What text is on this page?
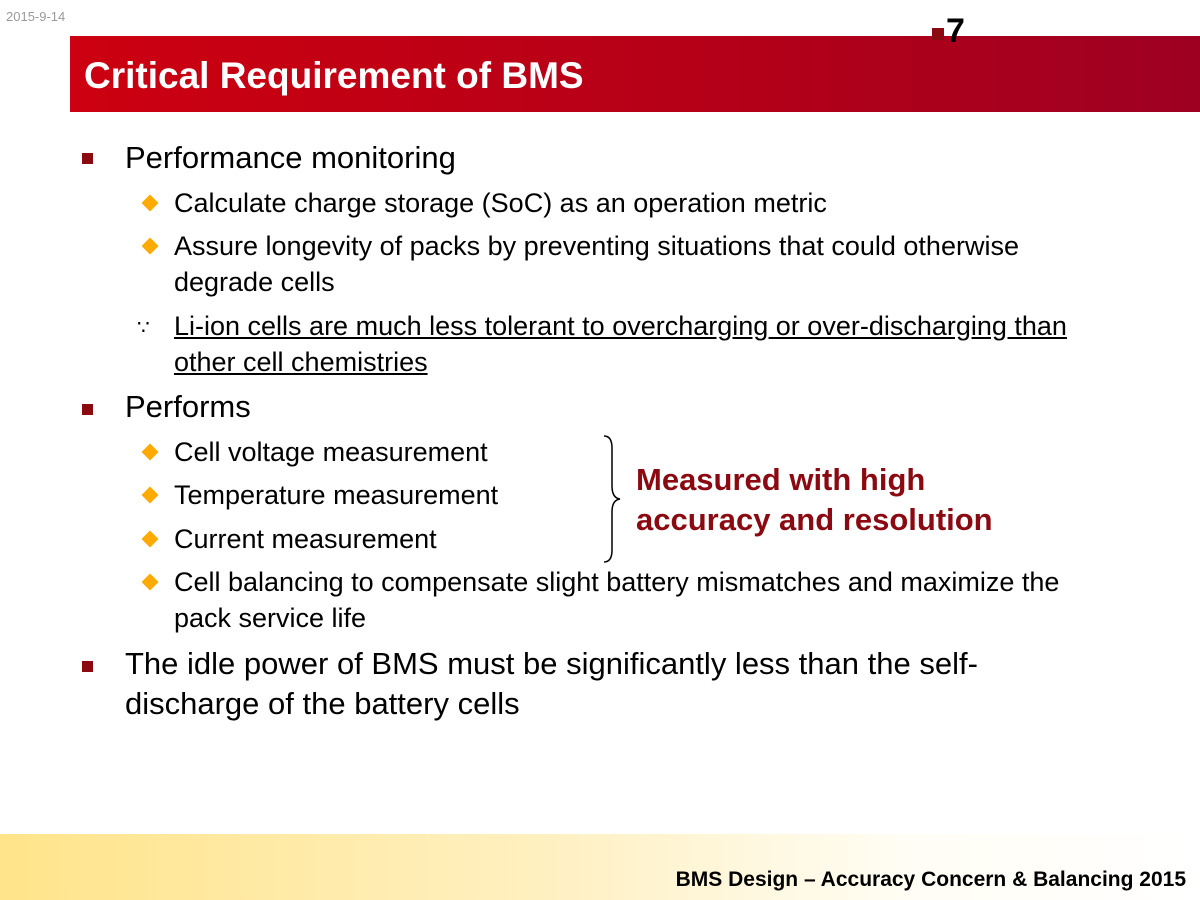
2015-9-14	7
Critical Requirement of BMS
Performance monitoring
Calculate charge storage (SoC) as an operation metric
Assure longevity of packs by preventing situations that could otherwise degrade cells
∵ Li-ion cells are much less tolerant to overcharging or over-discharging than other cell chemistries
Performs
Cell voltage measurement
Temperature measurement
Current measurement
Cell balancing to compensate slight battery mismatches and maximize the pack service life
Measured with high accuracy and resolution
The idle power of BMS must be significantly less than the self-discharge of the battery cells
BMS Design – Accuracy Concern & Balancing 2015
